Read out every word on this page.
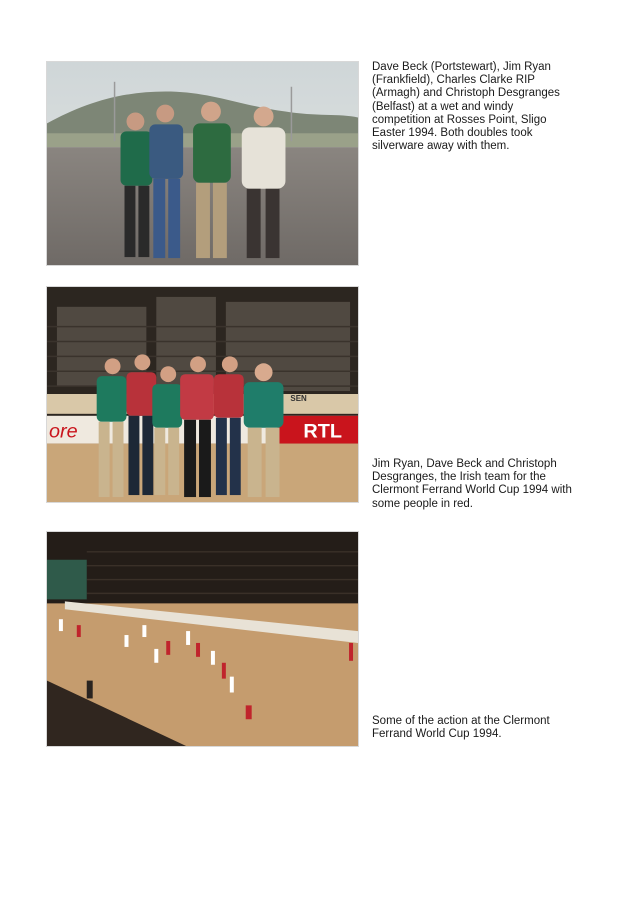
Dave Beck (Portstewart), Jim Ryan (Frankfield), Charles Clarke RIP (Armagh) and Christoph Desgranges (Belfast) at a wet and windy competition at Rosses Point, Sligo Easter 1994. Both doubles took silverware away with them.

ore	RTL
SEN

Jim Ryan, Dave Beck and Christoph Desgranges, the Irish team for the Clermont Ferrand World Cup 1994 with some people in red.

Some of the action at the Clermont Ferrand World Cup 1994.
